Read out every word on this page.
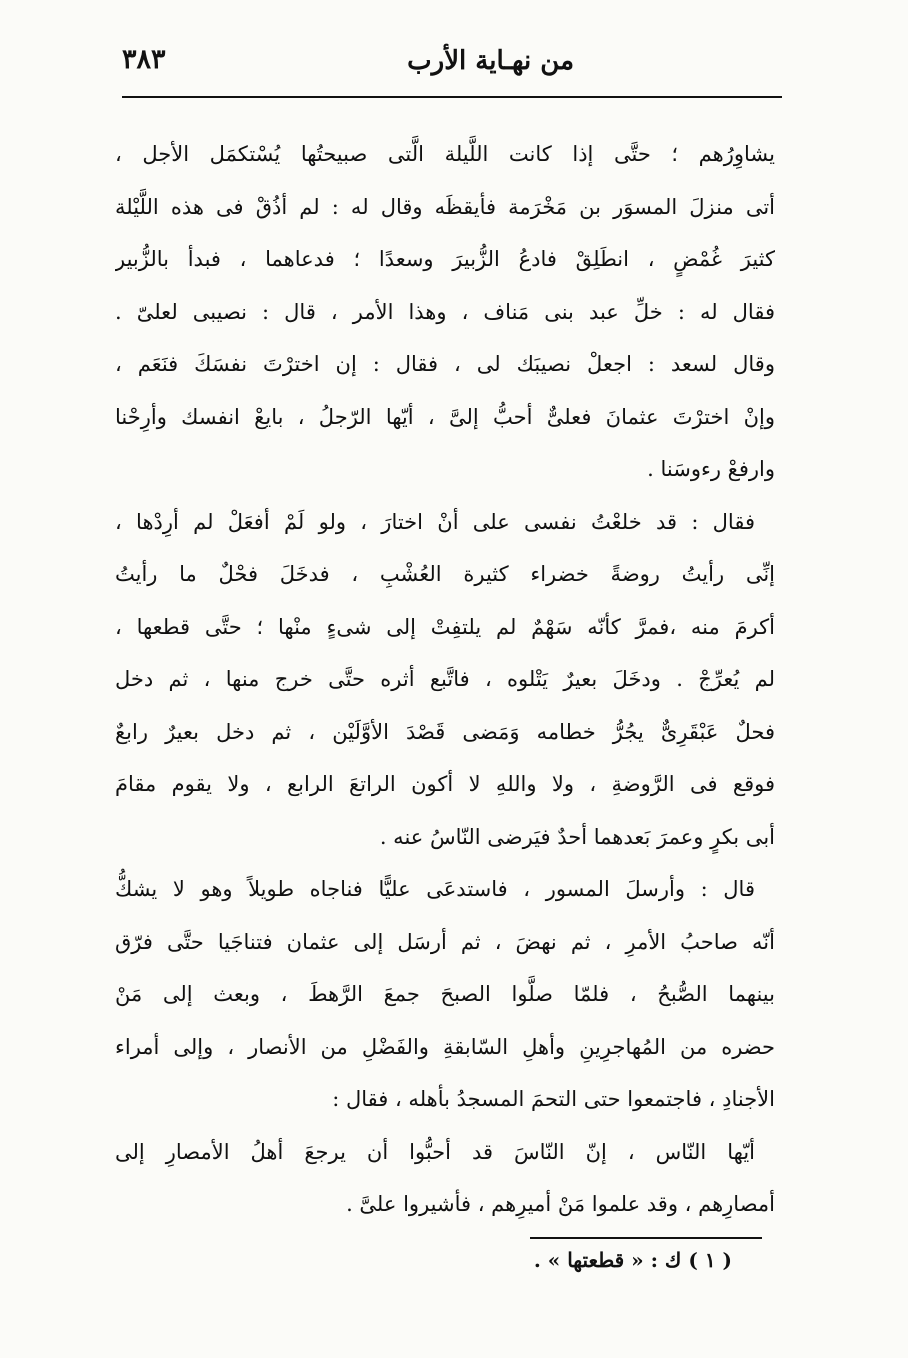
من نهـاية الأرب
٣٨٣
يشاوِرُهم ؛ حتَّى إذا كانت اللَّيلة الَّتى صبيحتُها يُسْتكمَل الأجل ،
أتى منزلَ المسوَر بن مَخْرَمة فأيقظَه وقال له : لم أذُقْ فى هذه اللَّيْلة
كثيرَ غُمْضٍ ، انطَلِقْ فادعُ الزُّبيرَ وسعدًا ؛ فدعاهما ، فبدأ بالزُّبير
فقال له : خلِّ عبد بنى مَناف ، وهذا الأمر ، قال : نصيبى لعلىّ .
وقال لسعد : اجعلْ نصيبَك لى ، فقال : إن اخترْتَ نفسَكَ فنَعَم ،
وإنْ اخترْتَ عثمانَ فعلىٌّ أحبُّ إلىَّ ، أيّها الرّجلُ ، بايعْ انفسك وأرِحْنا
وارفعْ رءوسَنا .
فقال : قد خلعْتُ نفسى على أنْ اختارَ ، ولو لَمْ أفعَلْ لم أرِدْها ،
إنِّى رأيتُ روضةً خضراء كثيرة العُشْبِ ، فدخَلَ فحْلٌ ما رأيتُ
أكرمَ منه ،فمرَّ كأنّه سَهْمٌ لم يلتفِتْ إلى شىءٍ منْها ؛ حتَّى قطعها ،
لم يُعرِّجْ . ودخَلَ بعيرٌ يَتْلوه ، فاتَّبع أثره حتَّى خرج منها ، ثم دخل
فحلٌ عَبْقَرِىٌّ يجُرُّ خطامه وَمَضى قَصْدَ الأوَّلَيْن ، ثم دخل بعيرٌ رابعٌ
فوقع فى الرَّوضةِ ، ولا واللهِ لا أكون الراتعَ الرابع ، ولا يقوم مقامَ
أبى بكرٍ وعمرَ بَعدهما أحدٌ فيَرضى النّاسُ عنه .
قال : وأرسلَ المسور ، فاستدعَى عليًّا فناجاه طويلاً وهو لا يشكُّ
أنّه صاحبُ الأمرِ ، ثم نهضَ ، ثم أرسَل إلى عثمان فتناجَيا حتَّى فرّق
بينهما الصُّبحُ ، فلمّا صلَّوا الصبحَ جمعَ الرَّهطَ ، وبعث إلى مَنْ
حضره من المُهاجرِينِ وأهلِ السّابقةِ والفَضْلِ من الأنصار ، وإلى أمراء
الأجنادِ ، فاجتمعوا حتى التحمَ المسجدُ بأهله ، فقال :
أيّها النّاس ، إنّ النّاسَ قد أحبُّوا أن يرجعَ أهلُ الأمصارِ إلى
أمصارِهم ، وقد علموا مَنْ أميرِهم ، فأشيروا علىَّ .
( ١ ) ك : « قطعتها » .
